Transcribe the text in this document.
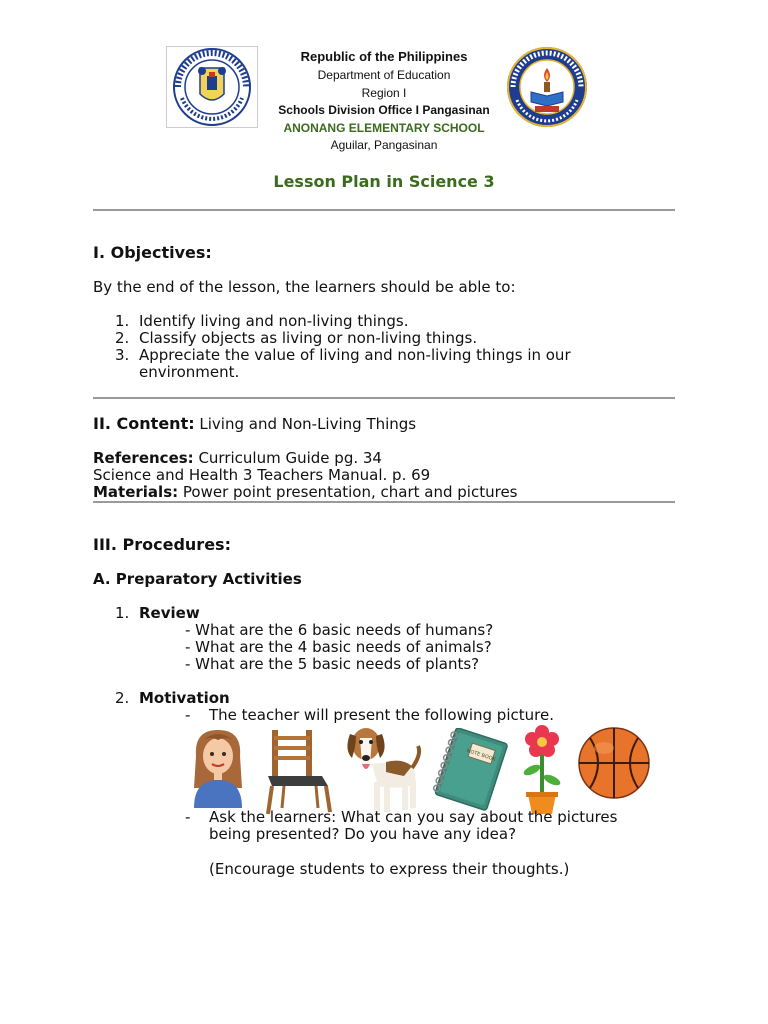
Republic of the Philippines
Department of Education
Region I
Schools Division Office I Pangasinan
ANONANG ELEMENTARY SCHOOL
Aguilar, Pangasinan
Lesson Plan in Science 3
I. Objectives:
By the end of the lesson, the learners should be able to:
1. Identify living and non-living things.
2. Classify objects as living or non-living things.
3. Appreciate the value of living and non-living things in our
environment.
II. Content: Living and Non-Living Things
References: Curriculum Guide pg. 34
Science and Health 3 Teachers Manual. p. 69
Materials: Power point presentation, chart and pictures
III. Procedures:
A. Preparatory Activities
1. Review
- What are the 6 basic needs of humans?
- What are the 4 basic needs of animals?
- What are the 5 basic needs of plants?
2. Motivation
- The teacher will present the following picture.
NOTE BOOK
- Ask the learners: What can you say about the pictures
being presented? Do you have any idea?
(Encourage students to express their thoughts.)
